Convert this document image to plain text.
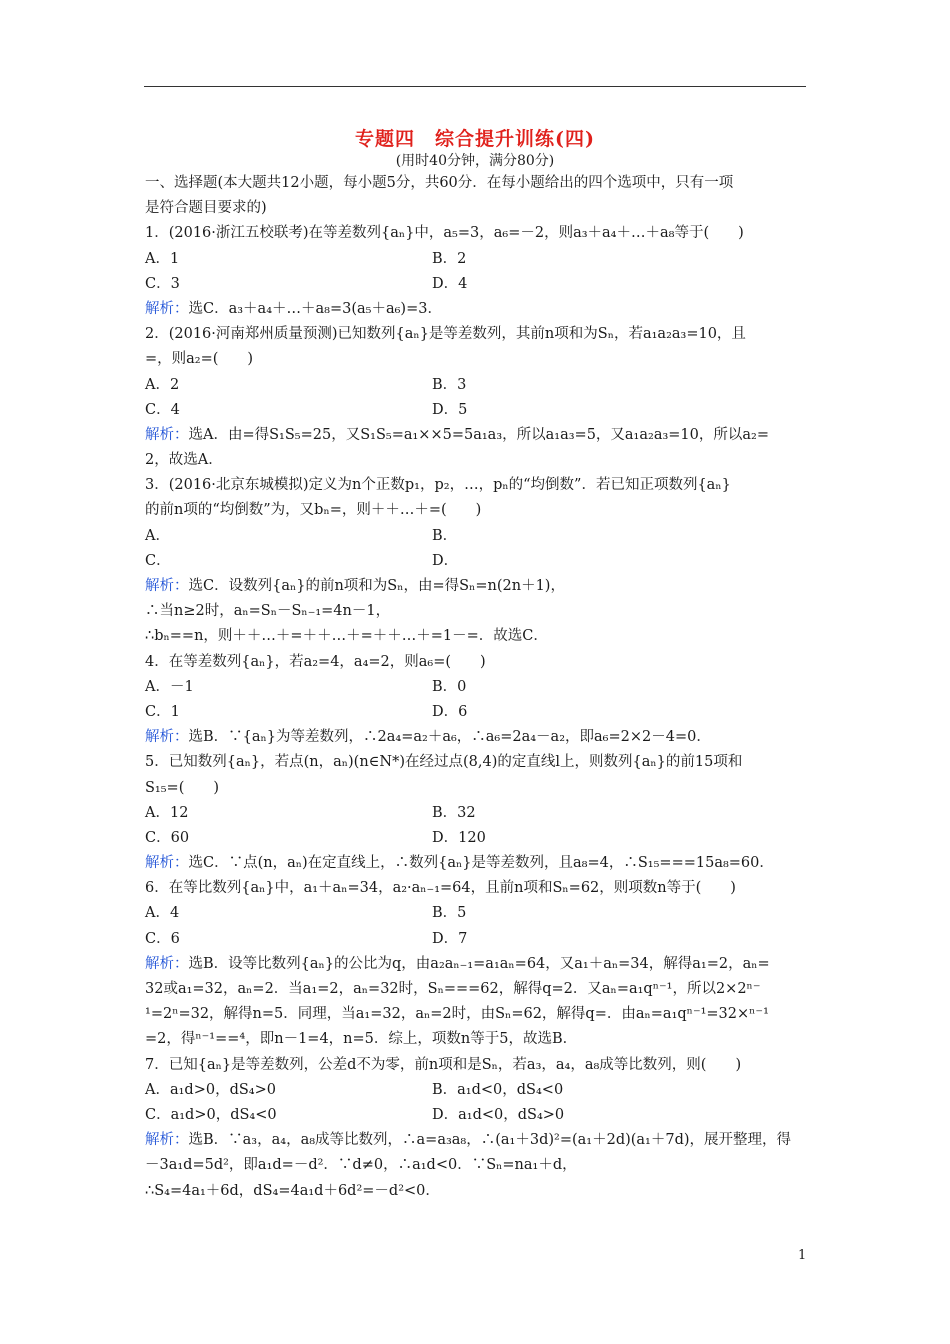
专题四　综合提升训练(四)
(用时40分钟，满分80分)
一、选择题(本大题共12小题，每小题5分，共60分．在每小题给出的四个选项中，只有一项
是符合题目要求的)
1．(2016·浙江五校联考)在等差数列{aₙ}中，a₅=3，a₆=－2，则a₃＋a₄＋…＋a₈等于(　　)
A．1	B．2
C．3	D．4
解析：选C．a₃＋a₄＋…＋a₈=3(a₅＋a₆)=3．
2．(2016·河南郑州质量预测)已知数列{aₙ}是等差数列，其前n项和为Sₙ，若a₁a₂a₃=10，且
=，则a₂=(　　)
A．2	B．3
C．4	D．5
解析：选A．由=得S₁S₅=25，又S₁S₅=a₁××5=5a₁a₃，所以a₁a₃=5，又a₁a₂a₃=10，所以a₂=
2，故选A．
3．(2016·北京东城模拟)定义为n个正数p₁，p₂，…，pₙ的“均倒数”．若已知正项数列{aₙ}
的前n项的“均倒数”为，又bₙ=，则＋＋…＋=(　　)
A．	B．
C．	D．
解析：选C．设数列{aₙ}的前n项和为Sₙ，由=得Sₙ=n(2n＋1)，
∴当n≥2时，aₙ=Sₙ－Sₙ₋₁=4n－1，
∴bₙ==n，则＋＋…＋=＋＋…＋=＋＋…＋=1－=．故选C．
4．在等差数列{aₙ}，若a₂=4，a₄=2，则a₆=(　　)
A．－1	B．0
C．1	D．6
解析：选B．∵{aₙ}为等差数列，∴2a₄=a₂＋a₆，∴a₆=2a₄－a₂，即a₆=2×2－4=0．
5．已知数列{aₙ}，若点(n，aₙ)(n∈N*)在经过点(8,4)的定直线l上，则数列{aₙ}的前15项和
S₁₅=(　　)
A．12	B．32
C．60	D．120
解析：选C．∵点(n，aₙ)在定直线上，∴数列{aₙ}是等差数列，且a₈=4，∴S₁₅===15a₈=60．
6．在等比数列{aₙ}中，a₁＋aₙ=34，a₂·aₙ₋₁=64，且前n项和Sₙ=62，则项数n等于(　　)
A．4	B．5
C．6	D．7
解析：选B．设等比数列{aₙ}的公比为q，由a₂aₙ₋₁=a₁aₙ=64，又a₁＋aₙ=34，解得a₁=2，aₙ=
32或a₁=32，aₙ=2．当a₁=2，aₙ=32时，Sₙ===62，解得q=2．又aₙ=a₁qⁿ⁻¹，所以2×2ⁿ⁻
¹=2ⁿ=32，解得n=5．同理，当a₁=32，aₙ=2时，由Sₙ=62，解得q=．由aₙ=a₁qⁿ⁻¹=32×ⁿ⁻¹
=2，得ⁿ⁻¹==⁴，即n－1=4，n=5．综上，项数n等于5，故选B．
7．已知{aₙ}是等差数列，公差d不为零，前n项和是Sₙ，若a₃，a₄，a₈成等比数列，则(　　)
A．a₁d>0，dS₄>0	B．a₁d<0，dS₄<0
C．a₁d>0，dS₄<0	D．a₁d<0，dS₄>0
解析：选B．∵a₃，a₄，a₈成等比数列，∴a=a₃a₈，∴(a₁＋3d)²=(a₁＋2d)(a₁＋7d)，展开整理，得
－3a₁d=5d²，即a₁d=－d²．∵d≠0，∴a₁d<0．∵Sₙ=na₁＋d，
∴S₄=4a₁＋6d，dS₄=4a₁d＋6d²=－d²<0．
1
